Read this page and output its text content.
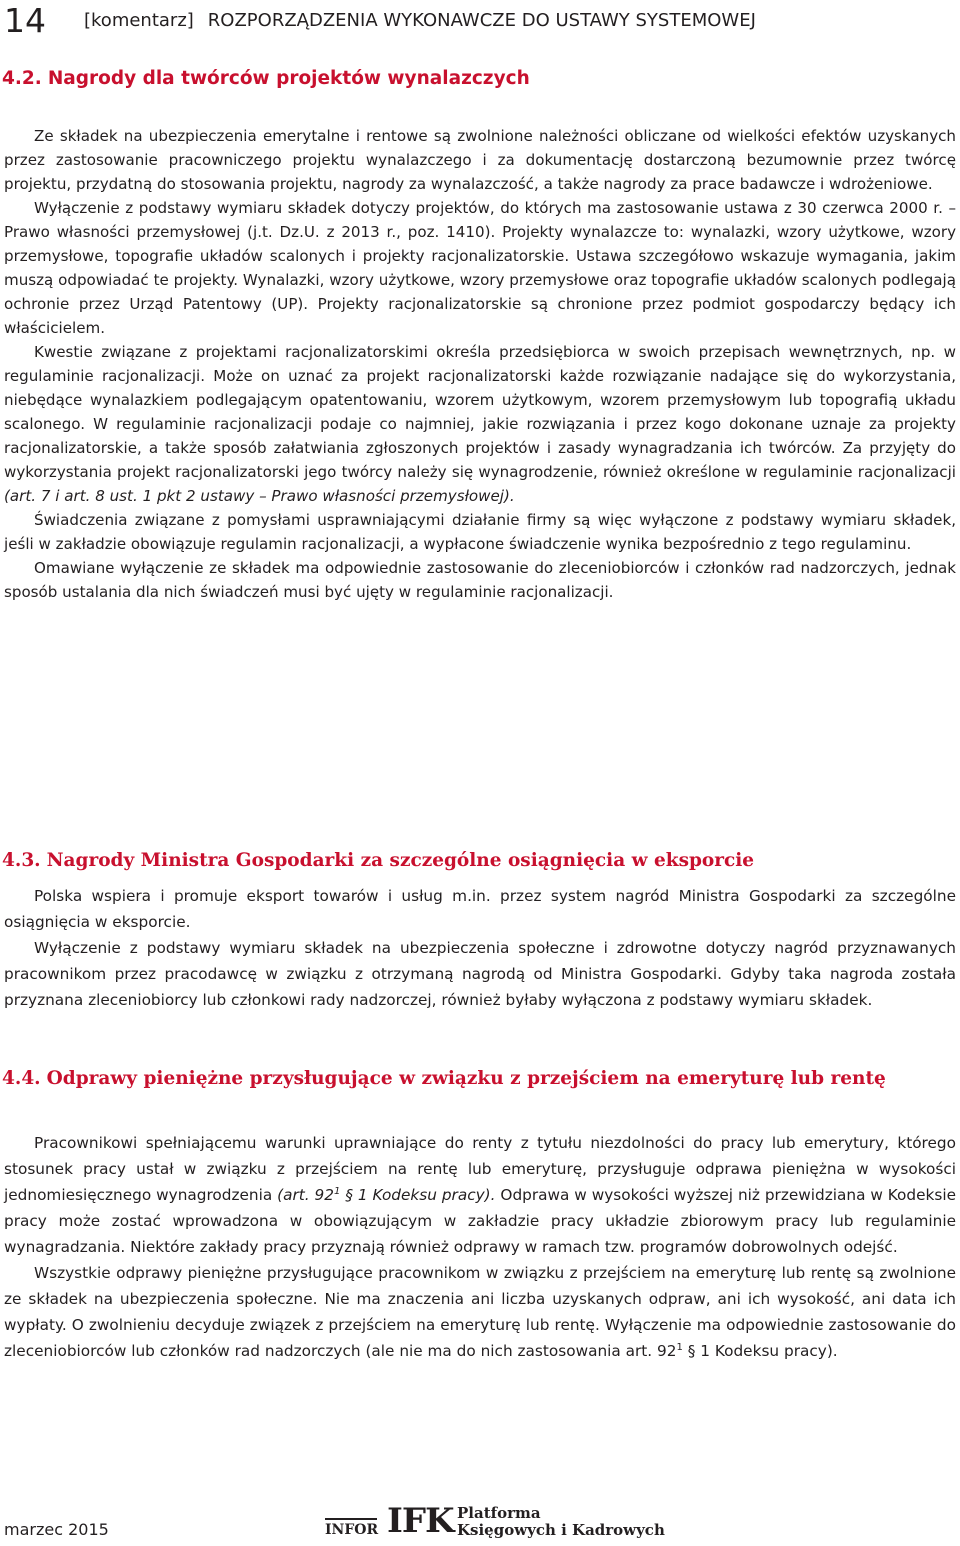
14 [komentarz] ROZPORZĄDZENIA WYKONAWCZE DO USTAWY SYSTEMOWEJ
4.2. Nagrody dla twórców projektów wynalazczych

Ze składek na ubezpieczenia emerytalne i rentowe są zwolnione należności obliczane od wielkości efektów uzyskanych przez zastosowanie pracowniczego projektu wynalazczego i za dokumentację dostarczoną bezumownie przez twórcę projektu, przydatną do stosowania projektu, nagrody za wynalazczość, a także nagrody za prace badawcze i wdrożeniowe.

Wyłączenie z podstawy wymiaru składek dotyczy projektów, do których ma zastosowanie ustawa z 30 czerwca 2000 r. – Prawo własności przemysłowej (j.t. Dz.U. z 2013 r., poz. 1410). Projekty wynalazcze to: wynalazki, wzory użytkowe, wzory przemysłowe, topografie układów scalonych i projekty racjonalizatorskie. Ustawa szczegółowo wskazuje wymagania, jakim muszą odpowiadać te projekty. Wynalazki, wzory użytkowe, wzory przemysłowe oraz topografie układów scalonych podlegają ochronie przez Urząd Patentowy (UP). Projekty racjonalizatorskie są chronione przez podmiot gospodarczy będący ich właścicielem.

Kwestie związane z projektami racjonalizatorskimi określa przedsiębiorca w swoich przepisach wewnętrznych, np. w regulaminie racjonalizacji. Może on uznać za projekt racjonalizatorski każde rozwiązanie nadające się do wykorzystania, niebędące wynalazkiem podlegającym opatentowaniu, wzorem użytkowym, wzorem przemysłowym lub topografią układu scalonego. W regulaminie racjonalizacji podaje co najmniej, jakie rozwiązania i przez kogo dokonane uznaje za projekty racjonalizatorskie, a także sposób załatwiania zgłoszonych projektów i zasady wynagradzania ich twórców. Za przyjęty do wykorzystania projekt racjonalizatorski jego twórcy należy się wynagrodzenie, również określone w regulaminie racjonalizacji (art. 7 i art. 8 ust. 1 pkt 2 ustawy – Prawo własności przemysłowej).

Świadczenia związane z pomysłami usprawniającymi działanie firmy są więc wyłączone z podstawy wymiaru składek, jeśli w zakładzie obowiązuje regulamin racjonalizacji, a wypłacone świadczenie wynika bezpośrednio z tego regulaminu.

Omawiane wyłączenie ze składek ma odpowiednie zastosowanie do zleceniobiorców i członków rad nadzorczych, jednak sposób ustalania dla nich świadczeń musi być ujęty w regulaminie racjonalizacji.

4.3. Nagrody Ministra Gospodarki za szczególne osiągnięcia w eksporcie

Polska wspiera i promuje eksport towarów i usług m.in. przez system nagród Ministra Gospodarki za szczególne osiągnięcia w eksporcie.

Wyłączenie z podstawy wymiaru składek na ubezpieczenia społeczne i zdrowotne dotyczy nagród przyznawanych pracownikom przez pracodawcę w związku z otrzymaną nagrodą od Ministra Gospodarki. Gdyby taka nagroda została przyznana zleceniobiorcy lub członkowi rady nadzorczej, również byłaby wyłączona z podstawy wymiaru składek.

4.4. Odprawy pieniężne przysługujące w związku z przejściem na emeryturę lub rentę

Pracownikowi spełniającemu warunki uprawniające do renty z tytułu niezdolności do pracy lub emerytury, którego stosunek pracy ustał w związku z przejściem na rentę lub emeryturę, przysługuje odprawa pieniężna w wysokości jednomiesięcznego wynagrodzenia (art. $92^1$ § 1 Kodeksu pracy). Odprawa w wysokości wyższej niż przewidziana w Kodeksie pracy może zostać wprowadzona w obowiązującym w zakładzie pracy układzie zbiorowym pracy lub regulaminie wynagradzania. Niektóre zakłady pracy przyznają również odprawy w ramach tzw. programów dobrowolnych odejść.

Wszystkie odprawy pieniężne przysługujące pracownikom w związku z przejściem na emeryturę lub rentę są zwolnione ze składek na ubezpieczenia społeczne. Nie ma znaczenia ani liczba uzyskanych odpraw, ani ich wysokość, ani data ich wypłaty. O zwolnieniu decyduje związek z przejściem na emeryturę lub rentę. Wyłączenie ma odpowiednie zastosowanie do zleceniobiorców lub członków rad nadzorczych (ale nie ma do nich zastosowania art. $92^1$ § 1 Kodeksu pracy).

marzec 2015	INFOR IFK Platforma
Księgowych i Kadrowych
